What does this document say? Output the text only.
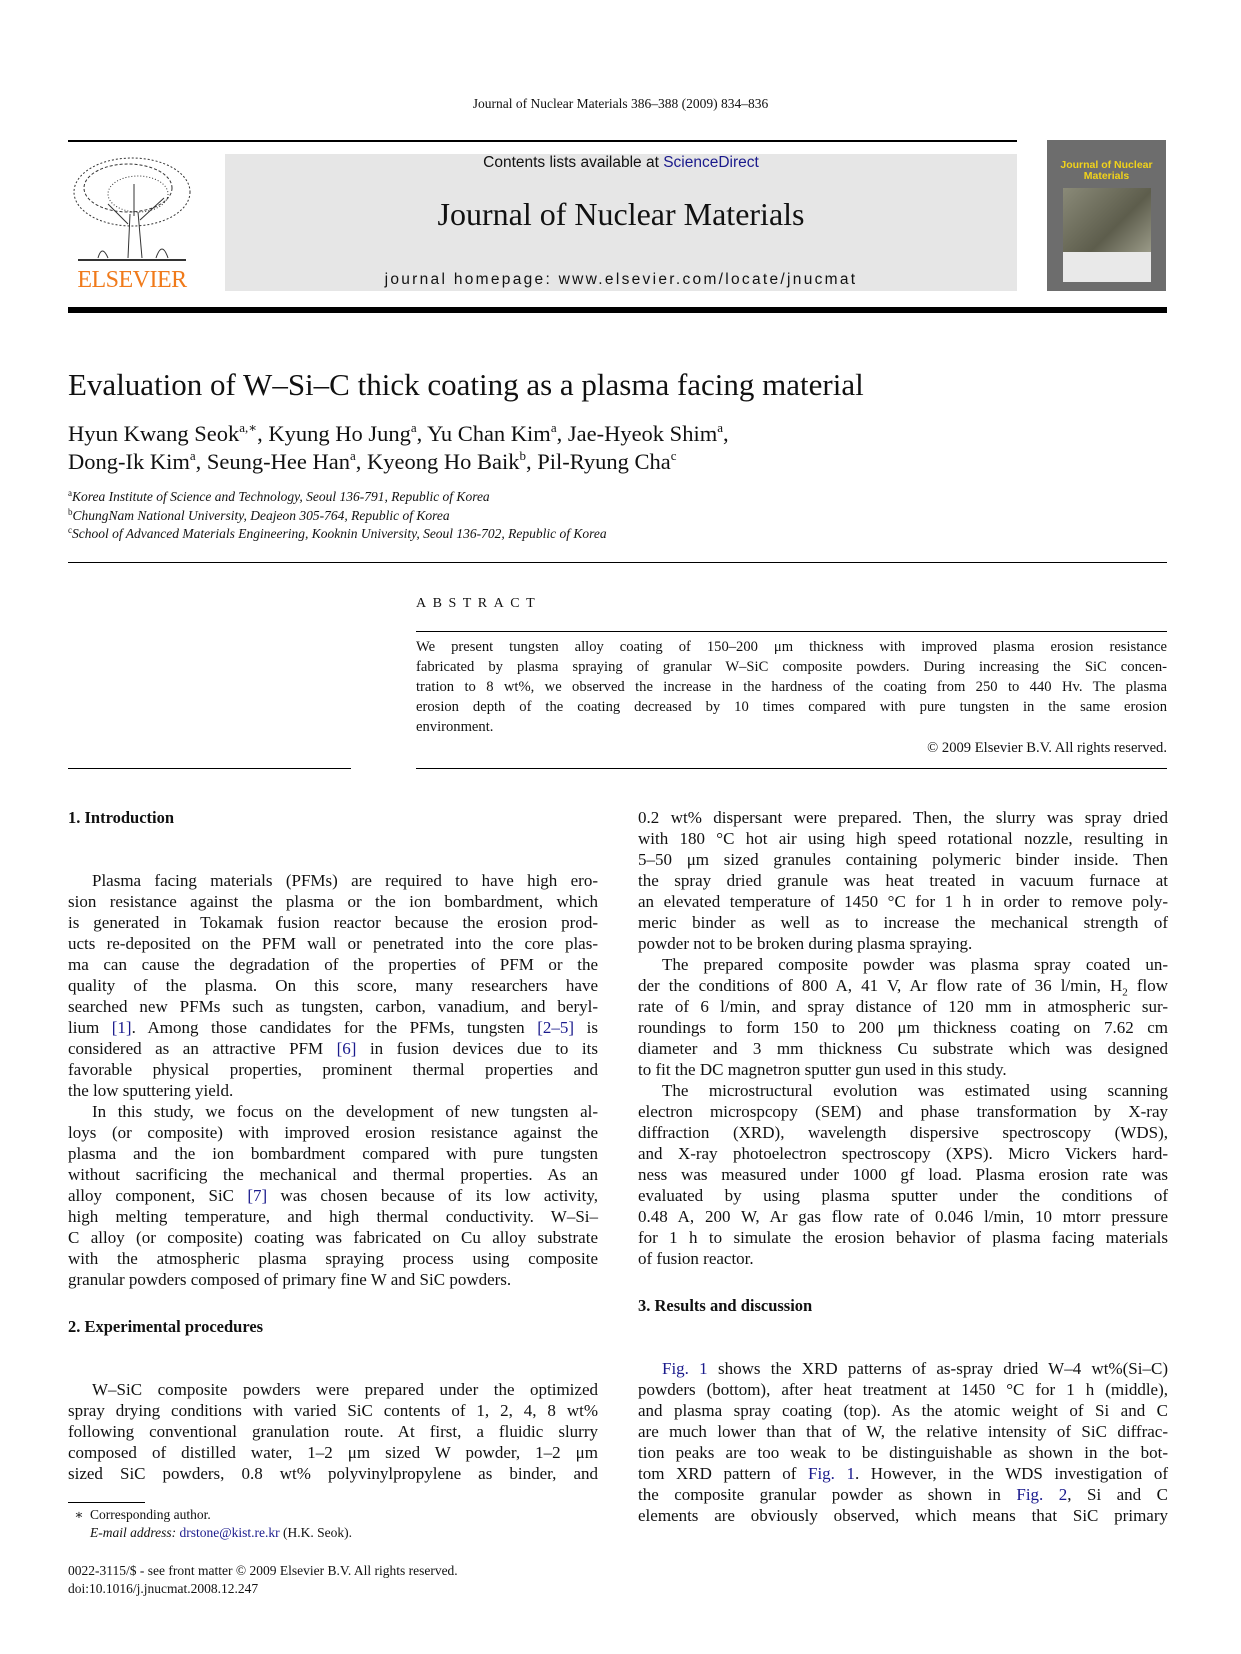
Journal of Nuclear Materials 386–388 (2009) 834–836
ELSEVIER
Contents lists available at ScienceDirect
Journal of Nuclear Materials
journal homepage: www.elsevier.com/locate/jnucmat
Journal of Nuclear Materials
Evaluation of W–Si–C thick coating as a plasma facing material
Hyun Kwang Seok$^{a,∗}$, Kyung Ho Jung$^a$, Yu Chan Kim$^a$, Jae-Hyeok Shim$^a$,
Dong-Ik Kim$^a$, Seung-Hee Han$^a$, Kyeong Ho Baik$^b$, Pil-Ryung Cha$^c$
$^a$Korea Institute of Science and Technology, Seoul 136-791, Republic of Korea
$^b$ChungNam National University, Deajeon 305-764, Republic of Korea
$^c$School of Advanced Materials Engineering, Kooknin University, Seoul 136-702, Republic of Korea
ABSTRACT
We present tungsten alloy coating of 150–200 μm thickness with improved plasma erosion resistance
fabricated by plasma spraying of granular W–SiC composite powders. During increasing the SiC concen-
tration to 8 wt%, we observed the increase in the hardness of the coating from 250 to 440 Hv. The plasma
erosion depth of the coating decreased by 10 times compared with pure tungsten in the same erosion
environment.
© 2009 Elsevier B.V. All rights reserved.
1. Introduction
Plasma facing materials (PFMs) are required to have high ero-
sion resistance against the plasma or the ion bombardment, which
is generated in Tokamak fusion reactor because the erosion prod-
ucts re-deposited on the PFM wall or penetrated into the core plas-
ma can cause the degradation of the properties of PFM or the
quality of the plasma. On this score, many researchers have
searched new PFMs such as tungsten, carbon, vanadium, and beryl-
lium [1]. Among those candidates for the PFMs, tungsten [2–5] is
considered as an attractive PFM [6] in fusion devices due to its
favorable physical properties, prominent thermal properties and
the low sputtering yield.
In this study, we focus on the development of new tungsten al-
loys (or composite) with improved erosion resistance against the
plasma and the ion bombardment compared with pure tungsten
without sacrificing the mechanical and thermal properties. As an
alloy component, SiC [7] was chosen because of its low activity,
high melting temperature, and high thermal conductivity. W–Si–
C alloy (or composite) coating was fabricated on Cu alloy substrate
with the atmospheric plasma spraying process using composite
granular powders composed of primary fine W and SiC powders.
2. Experimental procedures
W–SiC composite powders were prepared under the optimized
spray drying conditions with varied SiC contents of 1, 2, 4, 8 wt%
following conventional granulation route. At first, a fluidic slurry
composed of distilled water, 1–2 μm sized W powder, 1–2 μm
sized SiC powders, 0.8 wt% polyvinylpropylene as binder, and
0.2 wt% dispersant were prepared. Then, the slurry was spray dried
with 180 °C hot air using high speed rotational nozzle, resulting in
5–50 μm sized granules containing polymeric binder inside. Then
the spray dried granule was heat treated in vacuum furnace at
an elevated temperature of 1450 °C for 1 h in order to remove poly-
meric binder as well as to increase the mechanical strength of
powder not to be broken during plasma spraying.
The prepared composite powder was plasma spray coated un-
der the conditions of 800 A, 41 V, Ar flow rate of 36 l/min, $H_2$ flow
rate of 6 l/min, and spray distance of 120 mm in atmospheric sur-
roundings to form 150 to 200 μm thickness coating on 7.62 cm
diameter and 3 mm thickness Cu substrate which was designed
to fit the DC magnetron sputter gun used in this study.
The microstructural evolution was estimated using scanning
electron microspcopy (SEM) and phase transformation by X-ray
diffraction (XRD), wavelength dispersive spectroscopy (WDS),
and X-ray photoelectron spectroscopy (XPS). Micro Vickers hard-
ness was measured under 1000 gf load. Plasma erosion rate was
evaluated by using plasma sputter under the conditions of
0.48 A, 200 W, Ar gas flow rate of 0.046 l/min, 10 mtorr pressure
for 1 h to simulate the erosion behavior of plasma facing materials
of fusion reactor.
3. Results and discussion
Fig. 1 shows the XRD patterns of as-spray dried W–4 wt%(Si–C)
powders (bottom), after heat treatment at 1450 °C for 1 h (middle),
and plasma spray coating (top). As the atomic weight of Si and C
are much lower than that of W, the relative intensity of SiC diffrac-
tion peaks are too weak to be distinguishable as shown in the bot-
tom XRD pattern of Fig. 1. However, in the WDS investigation of
the composite granular powder as shown in Fig. 2, Si and C
elements are obviously observed, which means that SiC primary
∗ Corresponding author.
E-mail address: drstone@kist.re.kr (H.K. Seok).
0022-3115/$ - see front matter © 2009 Elsevier B.V. All rights reserved.
doi:10.1016/j.jnucmat.2008.12.247
